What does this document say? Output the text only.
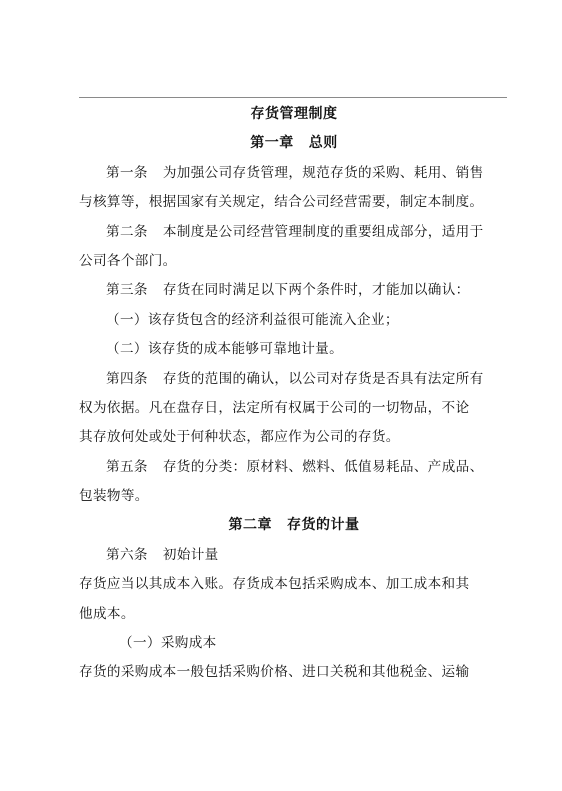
存货管理制度
第一章 总则
第一条 为加强公司存货管理，规范存货的采购、耗用、销售
与核算等，根据国家有关规定，结合公司经营需要，制定本制度。
第二条 本制度是公司经营管理制度的重要组成部分，适用于
公司各个部门。
第三条 存货在同时满足以下两个条件时，才能加以确认：
（一）该存货包含的经济利益很可能流入企业；
（二）该存货的成本能够可靠地计量。
第四条 存货的范围的确认，以公司对存货是否具有法定所有
权为依据。凡在盘存日，法定所有权属于公司的一切物品，不论
其存放何处或处于何种状态，都应作为公司的存货。
第五条 存货的分类：原材料、燃料、低值易耗品、产成品、
包装物等。
第二章 存货的计量
第六条 初始计量
存货应当以其成本入账。存货成本包括采购成本、加工成本和其
他成本。
（一）采购成本
存货的采购成本一般包括采购价格、进口关税和其他税金、运输
